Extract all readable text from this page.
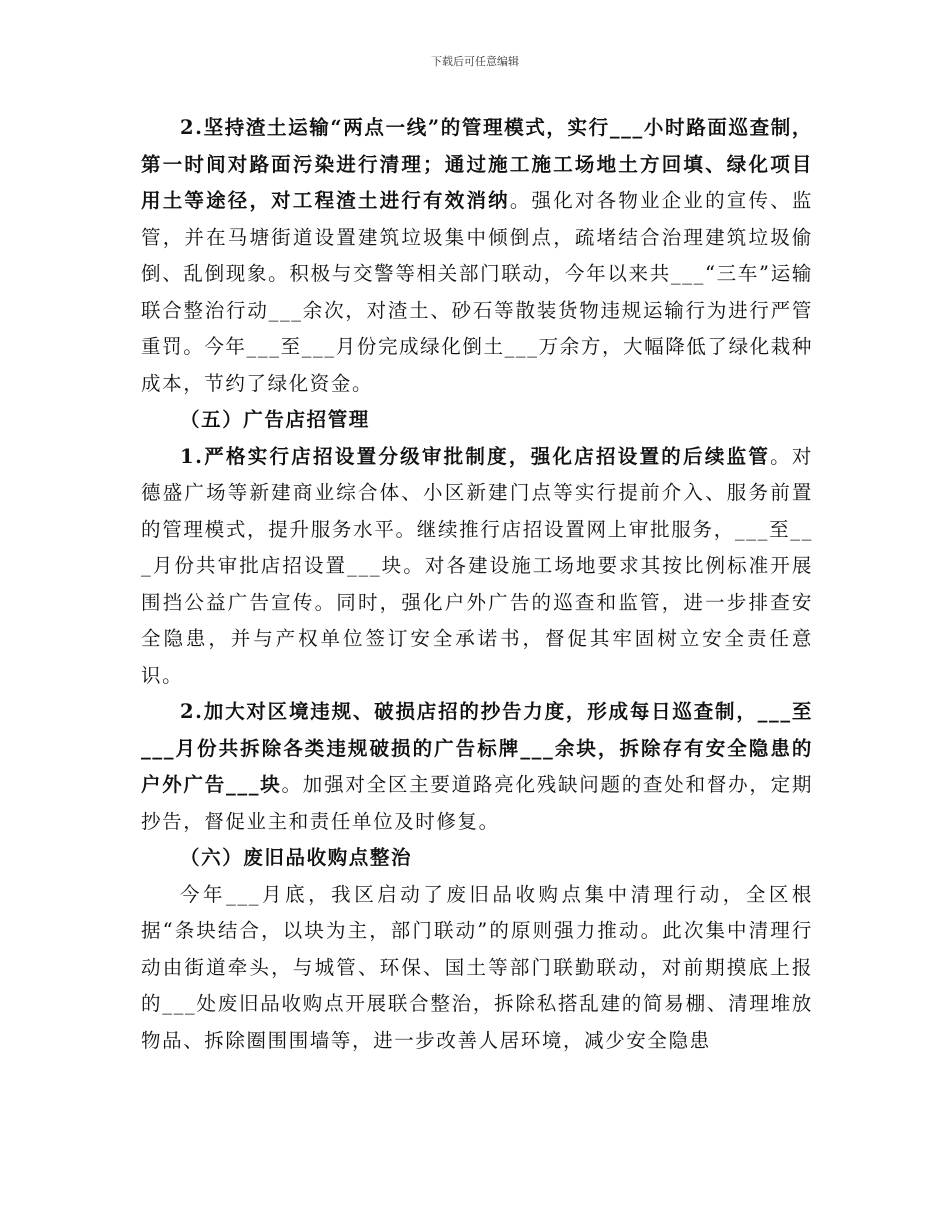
下载后可任意编辑

2.坚持渣土运输“两点一线”的管理模式，实行___小时路面巡查制，第一时间对路面污染进行清理；通过施工施工场地土方回填、绿化项目用土等途径，对工程渣土进行有效消纳。强化对各物业企业的宣传、监管，并在马塘街道设置建筑垃圾集中倾倒点，疏堵结合治理建筑垃圾偷倒、乱倒现象。积极与交警等相关部门联动，今年以来共___“三车”运输联合整治行动___余次，对渣土、砂石等散装货物违规运输行为进行严管重罚。今年___至___月份完成绿化倒土___万余方，大幅降低了绿化栽种成本，节约了绿化资金。

（五）广告店招管理

1.严格实行店招设置分级审批制度，强化店招设置的后续监管。对德盛广场等新建商业综合体、小区新建门点等实行提前介入、服务前置的管理模式，提升服务水平。继续推行店招设置网上审批服务，___至___月份共审批店招设置___块。对各建设施工场地要求其按比例标准开展围挡公益广告宣传。同时，强化户外广告的巡查和监管，进一步排查安全隐患，并与产权单位签订安全承诺书，督促其牢固树立安全责任意识。

2.加大对区境违规、破损店招的抄告力度，形成每日巡查制，___至___月份共拆除各类违规破损的广告标牌___余块，拆除存有安全隐患的户外广告___块。加强对全区主要道路亮化残缺问题的查处和督办，定期抄告，督促业主和责任单位及时修复。

（六）废旧品收购点整治

今年___月底，我区启动了废旧品收购点集中清理行动，全区根据“条块结合，以块为主，部门联动”的原则强力推动。此次集中清理行动由街道牵头，与城管、环保、国土等部门联勤联动，对前期摸底上报的___处废旧品收购点开展联合整治，拆除私搭乱建的简易棚、清理堆放物品、拆除圈围围墙等，进一步改善人居环境，减少安全隐患
